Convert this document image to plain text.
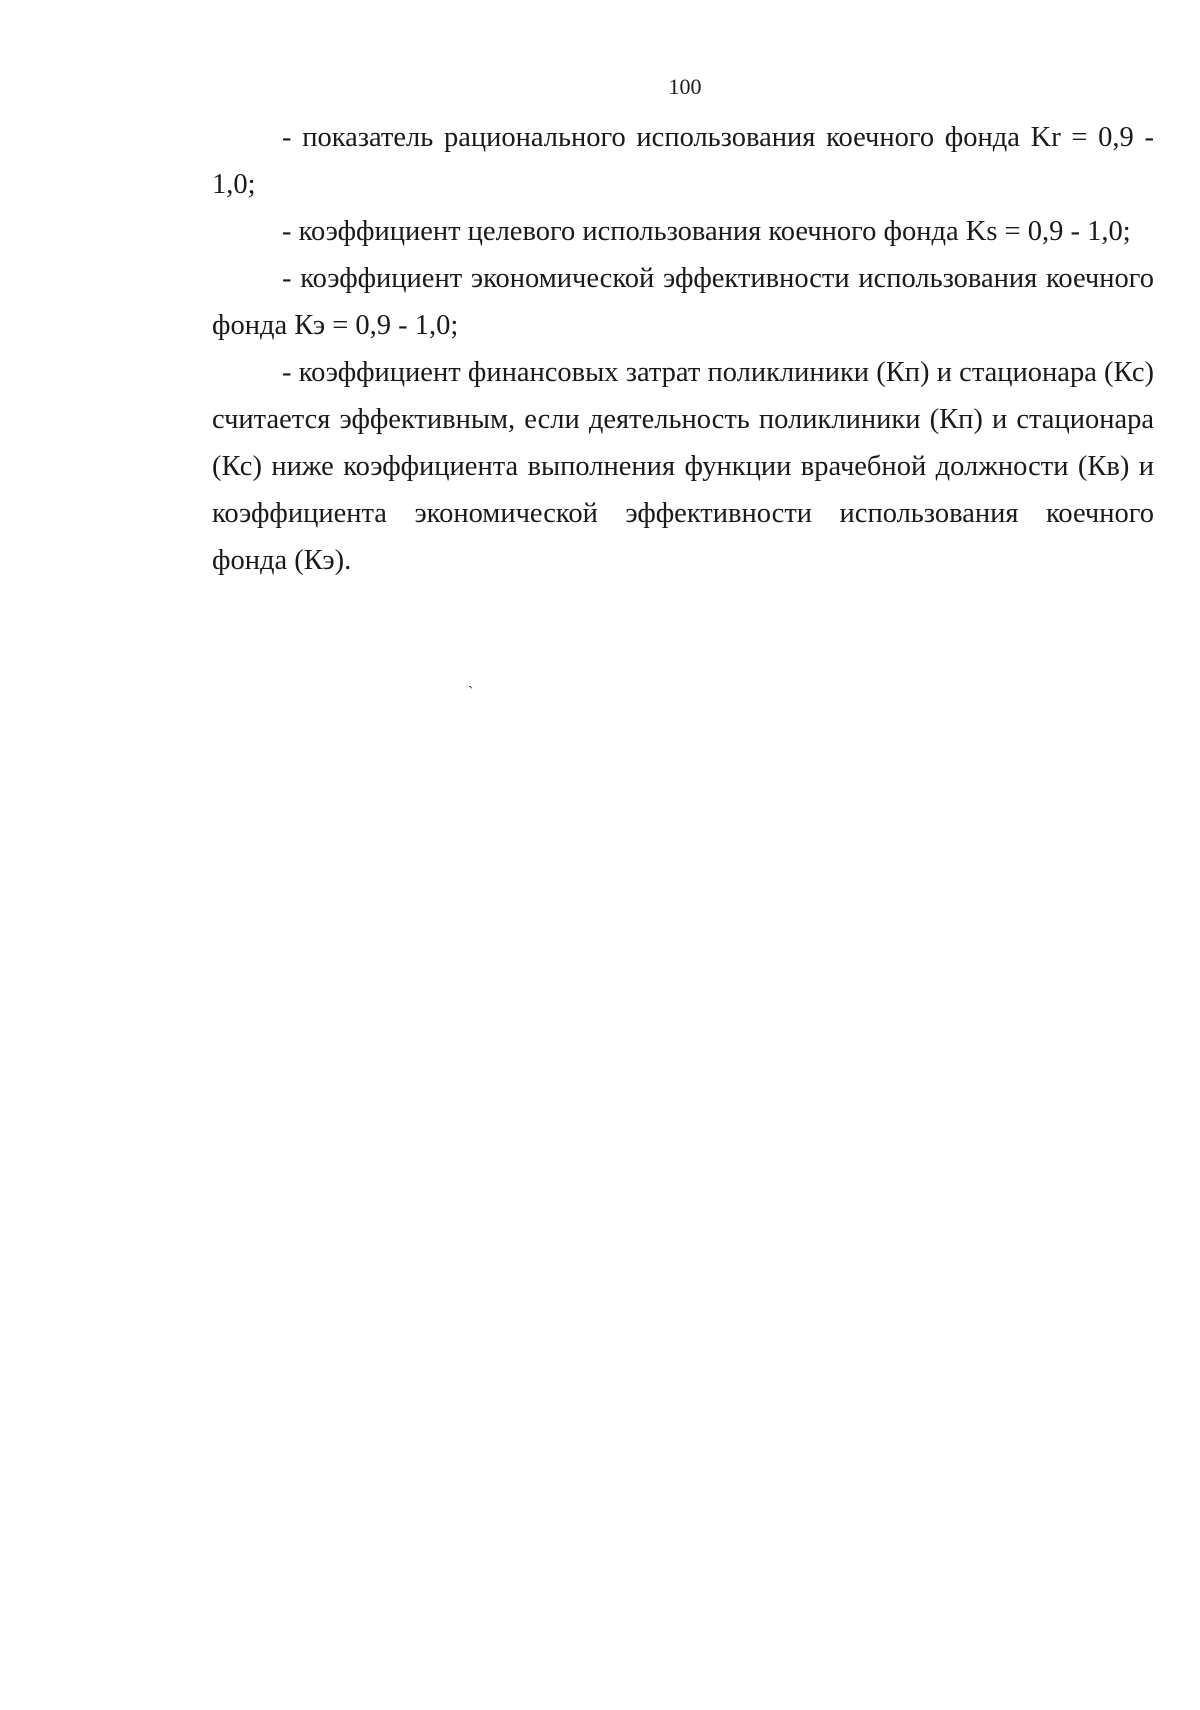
100

- показатель рационального использования коечного фонда Kr = 0,9 - 1,0;

- коэффициент целевого использования коечного фонда Ks = 0,9 - 1,0;

- коэффициент экономической эффективности использования коечного фонда Кэ = 0,9 - 1,0;

- коэффициент финансовых затрат поликлиники (Кп) и стационара (Кс) считается эффективным, если деятельность поликлиники (Кп) и стационара (Кс) ниже коэффициента выполнения функции врачебной должности (Кв) и коэффициента экономической эффективности использования коечного фонда (Кэ).

`
